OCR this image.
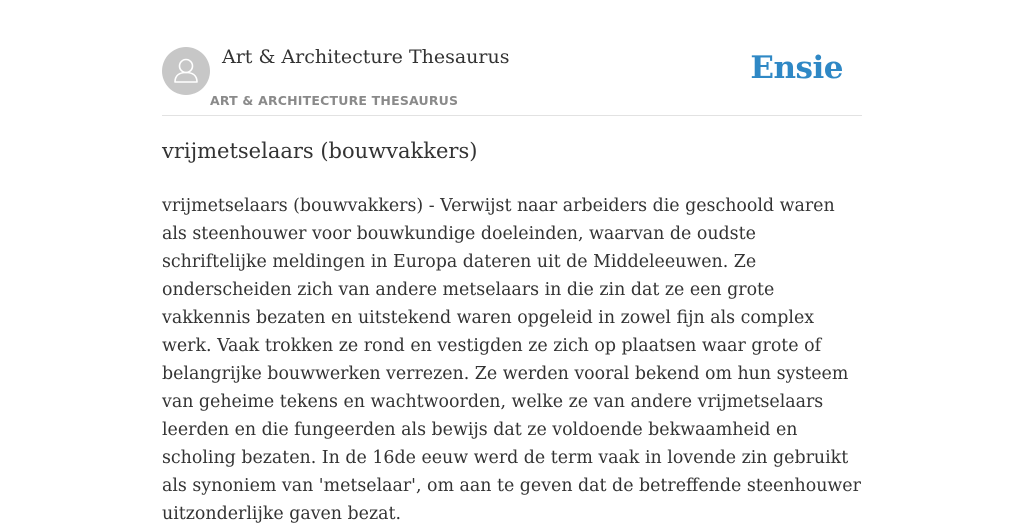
Art & Architecture Thesaurus
ART & ARCHITECTURE THESAURUS
Ensie
vrijmetselaars (bouwvakkers)

vrijmetselaars (bouwvakkers) - Verwijst naar arbeiders die geschoold waren als steenhouwer voor bouwkundige doeleinden, waarvan de oudste schriftelijke meldingen in Europa dateren uit de Middeleeuwen. Ze onderscheiden zich van andere metselaars in die zin dat ze een grote vakkennis bezaten en uitstekend waren opgeleid in zowel fijn als complex werk. Vaak trokken ze rond en vestigden ze zich op plaatsen waar grote of belangrijke bouwwerken verrezen. Ze werden vooral bekend om hun systeem van geheime tekens en wachtwoorden, welke ze van andere vrijmetselaars leerden en die fungeerden als bewijs dat ze voldoende bekwaamheid en scholing bezaten. In de 16de eeuw werd de term vaak in lovende zin gebruikt als synoniem van 'metselaar', om aan te geven dat de betreffende steenhouwer uitzonderlijke gaven bezat.
